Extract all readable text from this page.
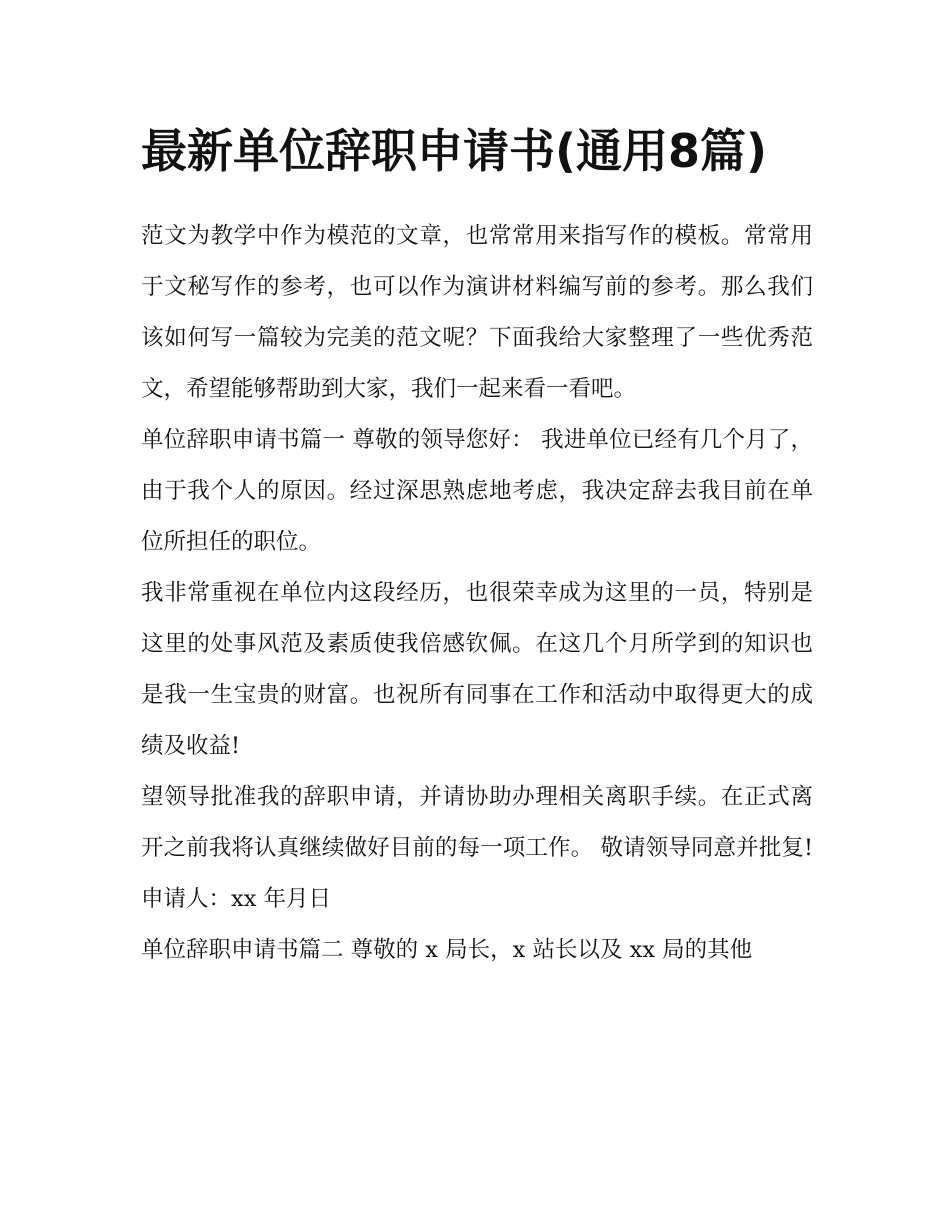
最新单位辞职申请书(通用8篇)

范文为教学中作为模范的文章，也常常用来指写作的模板。常常用于文秘写作的参考，也可以作为演讲材料编写前的参考。那么我们该如何写一篇较为完美的范文呢？下面我给大家整理了一些优秀范文，希望能够帮助到大家，我们一起来看一看吧。

单位辞职申请书篇一 尊敬的领导您好： 我进单位已经有几个月了，由于我个人的原因。经过深思熟虑地考虑，我决定辞去我目前在单位所担任的职位。

我非常重视在单位内这段经历，也很荣幸成为这里的一员，特别是这里的处事风范及素质使我倍感钦佩。在这几个月所学到的知识也是我一生宝贵的财富。也祝所有同事在工作和活动中取得更大的成绩及收益!

望领导批准我的辞职申请，并请协助办理相关离职手续。在正式离开之前我将认真继续做好目前的每一项工作。 敬请领导同意并批复! 申请人：xx 年月日

单位辞职申请书篇二 尊敬的 x 局长，x 站长以及 xx 局的其他
